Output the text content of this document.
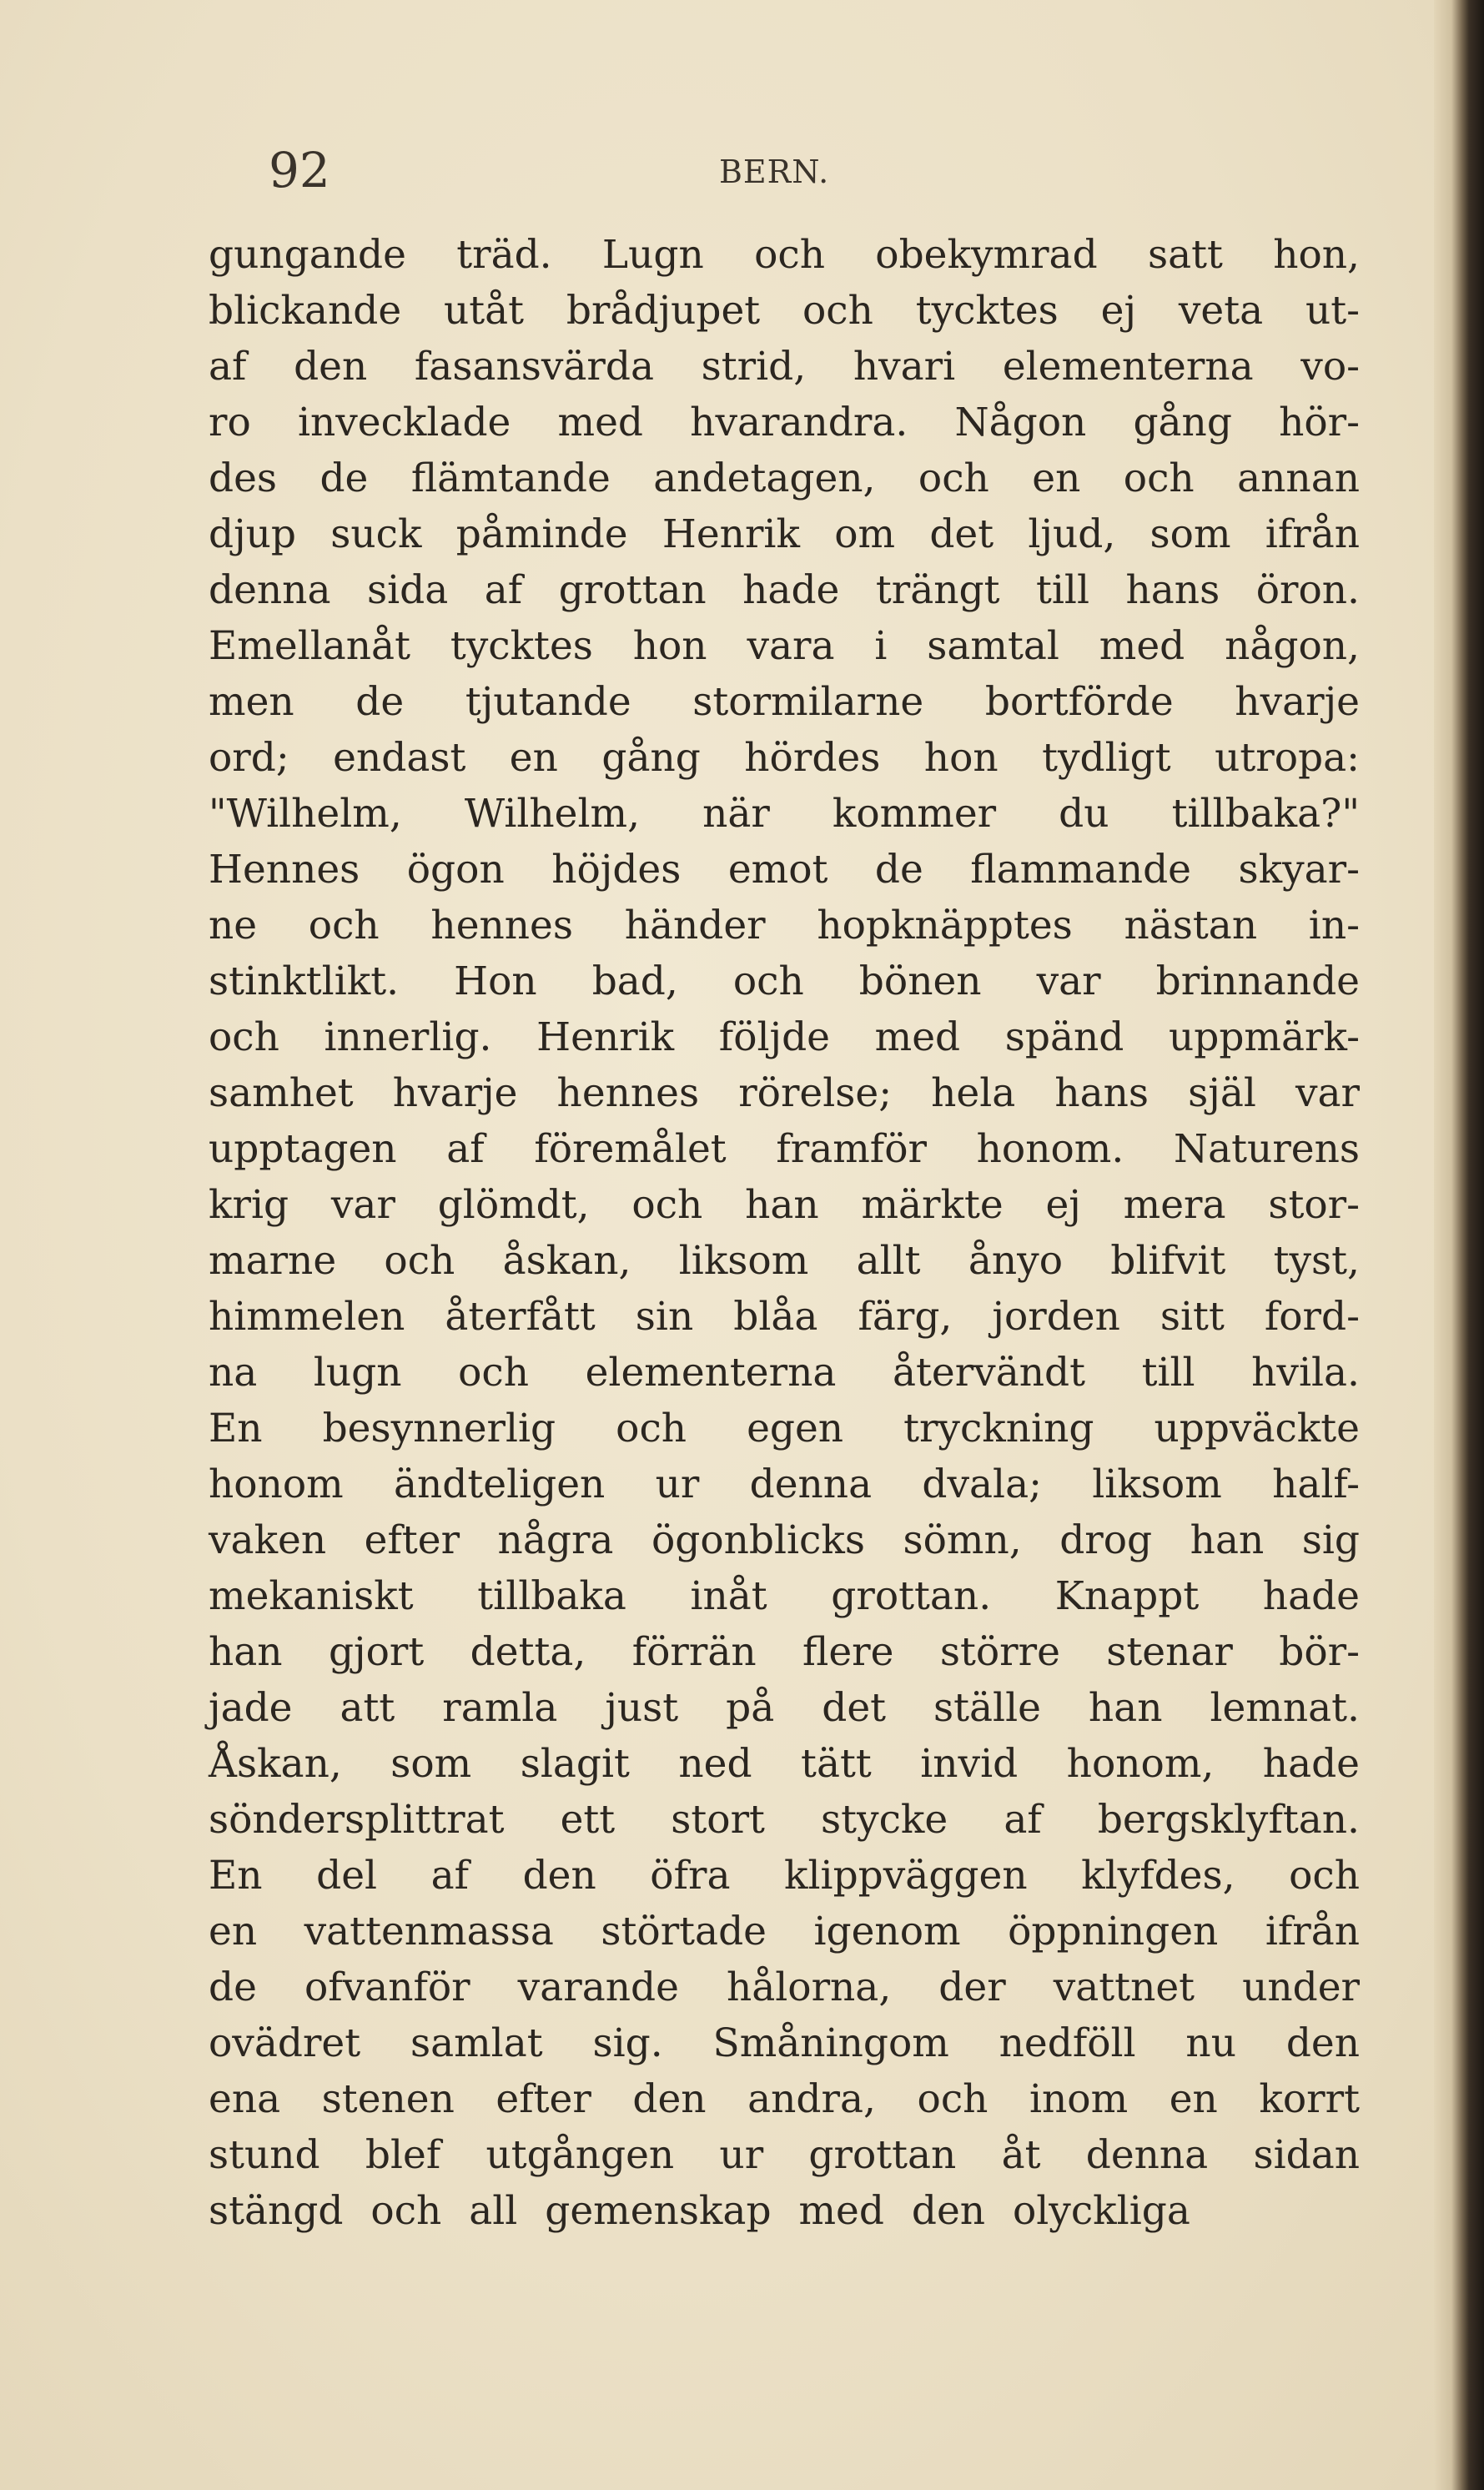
92	BERN.
gungande träd. Lugn och obekymrad satt hon,
blickande utåt brådjupet och tycktes ej veta ut-
af den fasansvärda strid, hvari elementerna vo-
ro invecklade med hvarandra. Någon gång hör-
des de flämtande andetagen, och en och annan
djup suck påminde Henrik om det ljud, som ifrån
denna sida af grottan hade trängt till hans öron.
Emellanåt tycktes hon vara i samtal med någon,
men de tjutande stormilarne bortförde hvarje
ord; endast en gång hördes hon tydligt utropa:
"Wilhelm, Wilhelm, när kommer du tillbaka?"
Hennes ögon höjdes emot de flammande skyar-
ne och hennes händer hopknäpptes nästan in-
stinktlikt. Hon bad, och bönen var brinnande
och innerlig. Henrik följde med spänd uppmärk-
samhet hvarje hennes rörelse; hela hans själ var
upptagen af föremålet framför honom. Naturens
krig var glömdt, och han märkte ej mera stor-
marne och åskan, liksom allt ånyo blifvit tyst,
himmelen återfått sin blåa färg, jorden sitt ford-
na lugn och elementerna återvändt till hvila.
En besynnerlig och egen tryckning uppväckte
honom ändteligen ur denna dvala; liksom half-
vaken efter några ögonblicks sömn, drog han sig
mekaniskt tillbaka inåt grottan. Knappt hade
han gjort detta, förrän flere större stenar bör-
jade att ramla just på det ställe han lemnat.
Åskan, som slagit ned tätt invid honom, hade
söndersplittrat ett stort stycke af bergsklyftan.
En del af den öfra klippväggen klyfdes, och
en vattenmassa störtade igenom öppningen ifrån
de ofvanför varande hålorna, der vattnet under
ovädret samlat sig. Småningom nedföll nu den
ena stenen efter den andra, och inom en korrt
stund blef utgången ur grottan åt denna sidan
stängd och all gemenskap med den olyckliga
